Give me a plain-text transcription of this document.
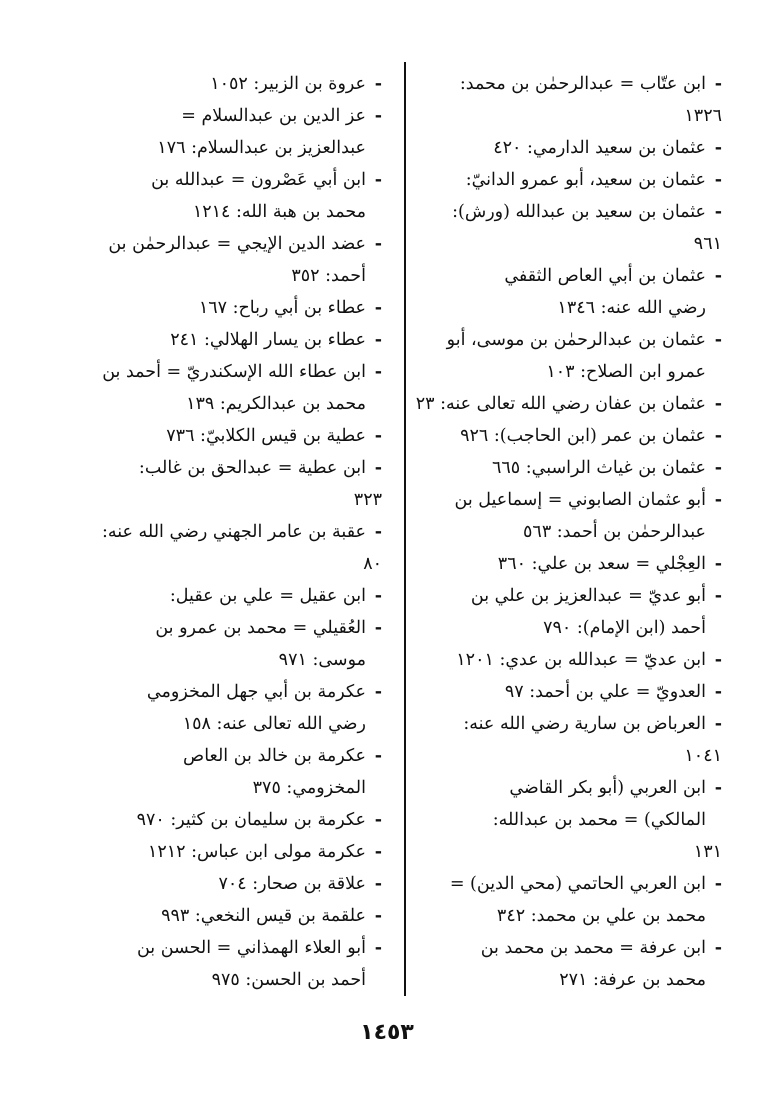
-
ابن عتّاب = عبدالرحمٰن بن محمد:
١٣٢٦

-
عثمان بن سعيد الدارمي: ٤٢٠

-
عثمان بن سعيد، أبو عمرو الدانيّ:

-
عثمان بن سعيد بن عبدالله (ورش):
٩٦١

-
عثمان بن أبي العاص الثقفي
رضي الله عنه: ١٣٤٦

-
عثمان بن عبدالرحمٰن بن موسى، أبو
عمرو ابن الصلاح: ١٠٣

-
عثمان بن عفان رضي الله تعالى عنه: ٢٣

-
عثمان بن عمر (ابن الحاجب): ٩٢٦

-
عثمان بن غياث الراسبي: ٦٦٥

-
أبو عثمان الصابوني = إسماعيل بن
عبدالرحمٰن بن أحمد: ٥٦٣

-
العِجْلي = سعد بن علي: ٣٦٠

-
أبو عديّ = عبدالعزيز بن علي بن
أحمد (ابن الإمام): ٧٩٠

-
ابن عديّ = عبدالله بن عدي: ١٢٠١

-
العدويّ = علي بن أحمد: ٩٧

-
العرباض بن سارية رضي الله عنه:
١٠٤١

-
ابن العربي (أبو بكر القاضي
المالكي) = محمد بن عبدالله:
١٣١

-
ابن العربي الحاتمي (محي الدين) =
محمد بن علي بن محمد: ٣٤٢

-
ابن عرفة = محمد بن محمد بن
محمد بن عرفة: ٢٧١

-
عروة بن الزبير: ١٠٥٢

-
عز الدين بن عبدالسلام =
عبدالعزيز بن عبدالسلام: ١٧٦

-
ابن أبي عَصْرون = عبدالله بن
محمد بن هبة الله: ١٢١٤

-
عضد الدين الإيجي = عبدالرحمٰن بن
أحمد: ٣٥٢

-
عطاء بن أبي رباح: ١٦٧

-
عطاء بن يسار الهلالي: ٢٤١

-
ابن عطاء الله الإسكندريّ = أحمد بن
محمد بن عبدالكريم: ١٣٩

-
عطية بن قيس الكلابيّ: ٧٣٦

-
ابن عطية = عبدالحق بن غالب:
٣٢٣

-
عقبة بن عامر الجهني رضي الله عنه:
٨٠

-
ابن عقيل = علي بن عقيل:

-
العُقيلي = محمد بن عمرو بن
موسى: ٩٧١

-
عكرمة بن أبي جهل المخزومي
رضي الله تعالى عنه: ١٥٨

-
عكرمة بن خالد بن العاص
المخزومي: ٣٧٥

-
عكرمة بن سليمان بن كثير: ٩٧٠

-
عكرمة مولى ابن عباس: ١٢١٢

-
علاقة بن صحار: ٧٠٤

-
علقمة بن قيس النخعي: ٩٩٣

-
أبو العلاء الهمذاني = الحسن بن
أحمد بن الحسن: ٩٧٥

١٤٥٣
